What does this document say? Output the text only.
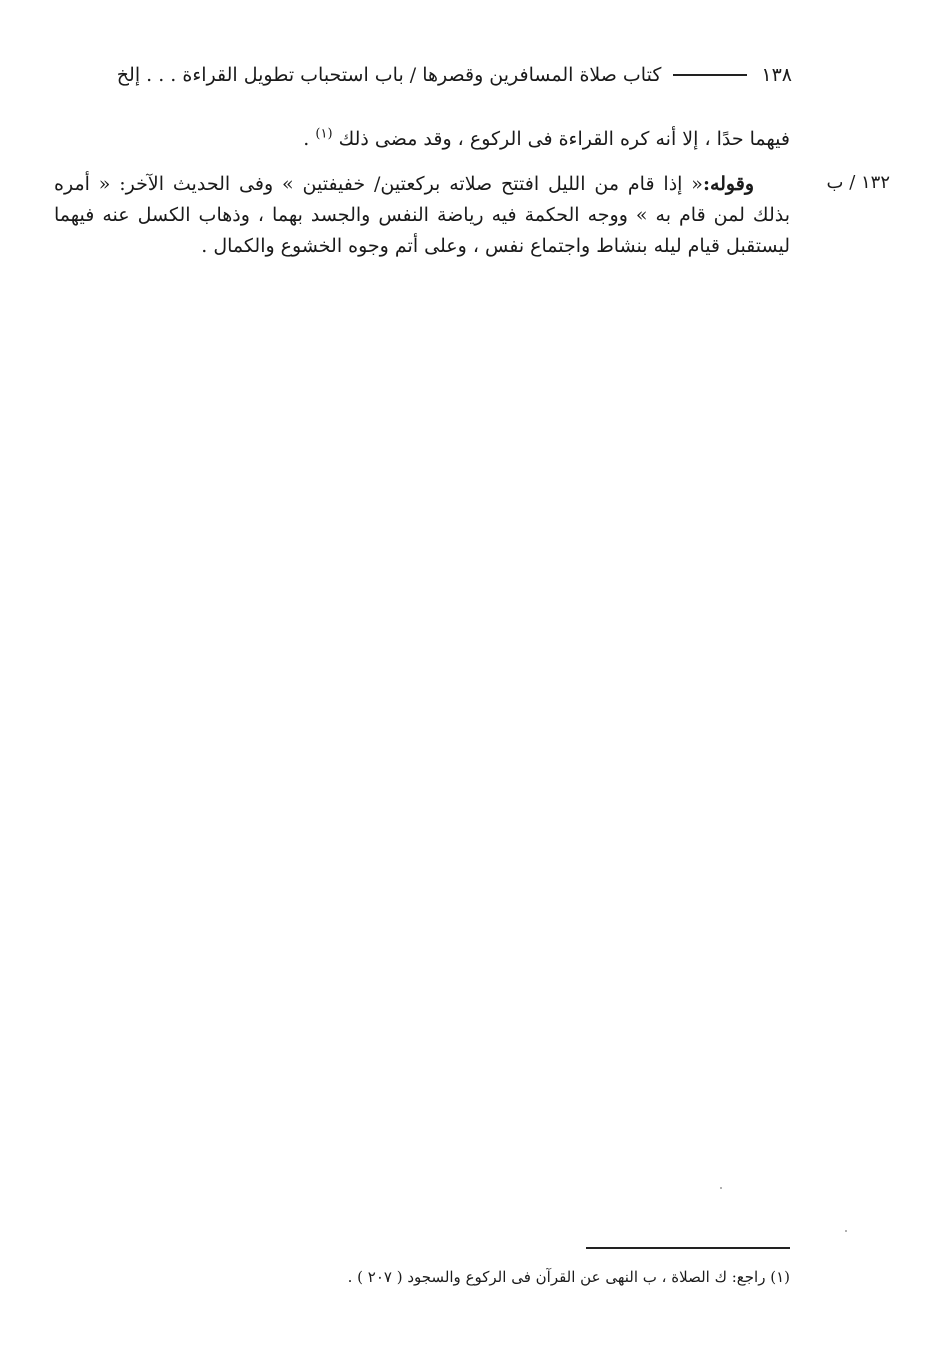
١٣٨
كتاب صلاة المسافرين وقصرها / باب استحباب تطويل القراءة . . . إلخ
١٣٢ / ب

فيهما حدًا ، إلا أنه كره القراءة فى الركوع ، وقد مضى ذلك $^{(١)}$ .

وقوله:« إذا قام من الليل افتتح صلاته بركعتين/ خفيفتين » وفى الحديث الآخر: « أمره بذلك لمن قام به » ووجه الحكمة فيه رياضة النفس والجسد بهما ، وذهاب الكسل عنه فيهما ليستقبل قيام ليله بنشاط واجتماع نفس ، وعلى أتم وجوه الخشوع والكمال .

(١) راجع: ك الصلاة ، ب النهى عن القرآن فى الركوع والسجود ( ٢٠٧ ) .
